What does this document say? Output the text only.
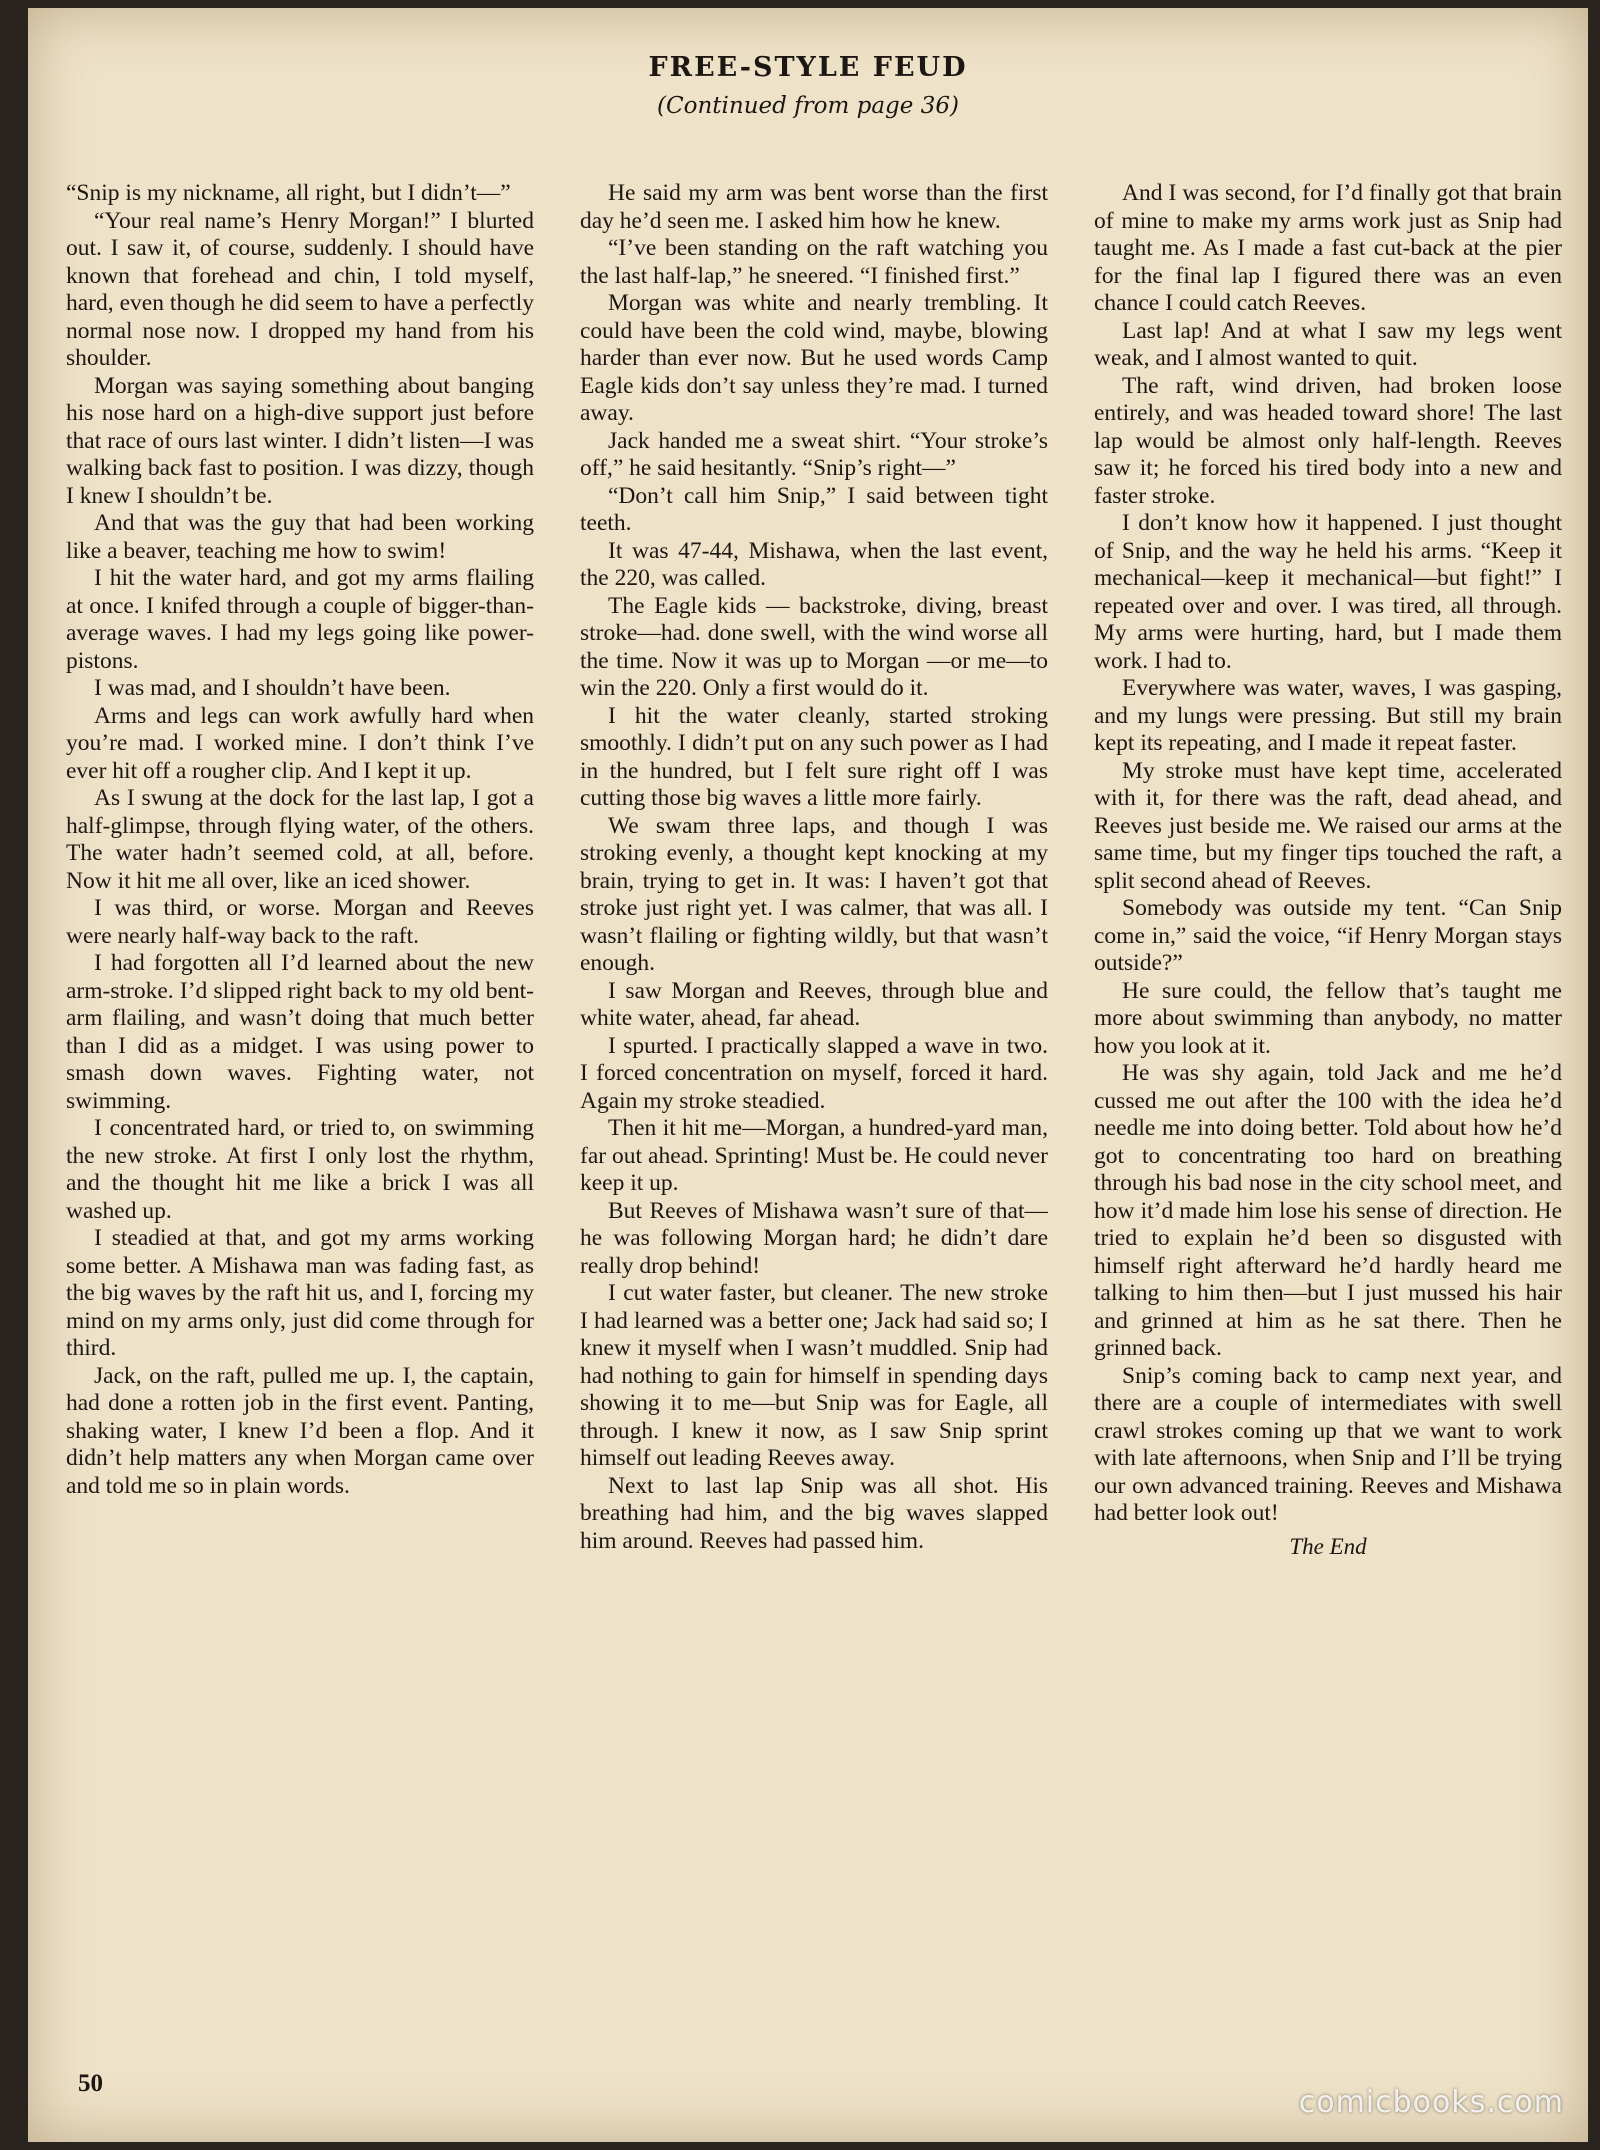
FREE-STYLE FEUD
(Continued from page 36)

“Snip is my nickname, all right, but I didn’t—”

“Your real name’s Henry Morgan!” I blurted out. I saw it, of course, suddenly. I should have known that forehead and chin, I told myself, hard, even though he did seem to have a perfectly normal nose now. I dropped my hand from his shoulder.

Morgan was saying something about banging his nose hard on a high-dive support just before that race of ours last winter. I didn’t listen—I was walking back fast to position. I was dizzy, though I knew I shouldn’t be.

And that was the guy that had been working like a beaver, teaching me how to swim!

I hit the water hard, and got my arms flailing at once. I knifed through a couple of bigger-than-average waves. I had my legs going like power-pistons.

I was mad, and I shouldn’t have been.

Arms and legs can work awfully hard when you’re mad. I worked mine. I don’t think I’ve ever hit off a rougher clip. And I kept it up.

As I swung at the dock for the last lap, I got a half-glimpse, through flying water, of the others. The water hadn’t seemed cold, at all, before. Now it hit me all over, like an iced shower.

I was third, or worse. Morgan and Reeves were nearly half-way back to the raft.

I had forgotten all I’d learned about the new arm-stroke. I’d slipped right back to my old bent-arm flailing, and wasn’t doing that much better than I did as a midget. I was using power to smash down waves. Fighting water, not swimming.

I concentrated hard, or tried to, on swimming the new stroke. At first I only lost the rhythm, and the thought hit me like a brick I was all washed up.

I steadied at that, and got my arms working some better. A Mishawa man was fading fast, as the big waves by the raft hit us, and I, forcing my mind on my arms only, just did come through for third.

Jack, on the raft, pulled me up. I, the captain, had done a rotten job in the first event. Panting, shaking water, I knew I’d been a flop. And it didn’t help matters any when Morgan came over and told me so in plain words.

He said my arm was bent worse than the first day he’d seen me. I asked him how he knew.

“I’ve been standing on the raft watching you the last half-lap,” he sneered. “I finished first.”

Morgan was white and nearly trembling. It could have been the cold wind, maybe, blowing harder than ever now. But he used words Camp Eagle kids don’t say unless they’re mad. I turned away.

Jack handed me a sweat shirt. “Your stroke’s off,” he said hesitantly. “Snip’s right—”

“Don’t call him Snip,” I said between tight teeth.

It was 47-44, Mishawa, when the last event, the 220, was called.

The Eagle kids — backstroke, diving, breast stroke—had. done swell, with the wind worse all the time. Now it was up to Morgan —or me—to win the 220. Only a first would do it.

I hit the water cleanly, started stroking smoothly. I didn’t put on any such power as I had in the hundred, but I felt sure right off I was cutting those big waves a little more fairly.

We swam three laps, and though I was stroking evenly, a thought kept knocking at my brain, trying to get in. It was: I haven’t got that stroke just right yet. I was calmer, that was all. I wasn’t flailing or fighting wildly, but that wasn’t enough.

I saw Morgan and Reeves, through blue and white water, ahead, far ahead.

I spurted. I practically slapped a wave in two. I forced concentration on myself, forced it hard. Again my stroke steadied.

Then it hit me—Morgan, a hundred-yard man, far out ahead. Sprinting! Must be. He could never keep it up.

But Reeves of Mishawa wasn’t sure of that—he was following Morgan hard; he didn’t dare really drop behind!

I cut water faster, but cleaner. The new stroke I had learned was a better one; Jack had said so; I knew it myself when I wasn’t muddled. Snip had had nothing to gain for himself in spending days showing it to me—but Snip was for Eagle, all through. I knew it now, as I saw Snip sprint himself out leading Reeves away.

Next to last lap Snip was all shot. His breathing had him, and the big waves slapped him around. Reeves had passed him.

And I was second, for I’d finally got that brain of mine to make my arms work just as Snip had taught me. As I made a fast cut-back at the pier for the final lap I figured there was an even chance I could catch Reeves.

Last lap! And at what I saw my legs went weak, and I almost wanted to quit.

The raft, wind driven, had broken loose entirely, and was headed toward shore! The last lap would be almost only half-length. Reeves saw it; he forced his tired body into a new and faster stroke.

I don’t know how it happened. I just thought of Snip, and the way he held his arms. “Keep it mechanical—keep it mechanical—but fight!” I repeated over and over. I was tired, all through. My arms were hurting, hard, but I made them work. I had to.

Everywhere was water, waves, I was gasping, and my lungs were pressing. But still my brain kept its repeating, and I made it repeat faster.

My stroke must have kept time, accelerated with it, for there was the raft, dead ahead, and Reeves just beside me. We raised our arms at the same time, but my finger tips touched the raft, a split second ahead of Reeves.

Somebody was outside my tent. “Can Snip come in,” said the voice, “if Henry Morgan stays outside?”

He sure could, the fellow that’s taught me more about swimming than anybody, no matter how you look at it.

He was shy again, told Jack and me he’d cussed me out after the 100 with the idea he’d needle me into doing better. Told about how he’d got to concentrating too hard on breathing through his bad nose in the city school meet, and how it’d made him lose his sense of direction. He tried to explain he’d been so disgusted with himself right afterward he’d hardly heard me talking to him then—but I just mussed his hair and grinned at him as he sat there. Then he grinned back.

Snip’s coming back to camp next year, and there are a couple of intermediates with swell crawl strokes coming up that we want to work with late afternoons, when Snip and I’ll be trying our own advanced training. Reeves and Mishawa had better look out!

The End
50
comicbooks.com
